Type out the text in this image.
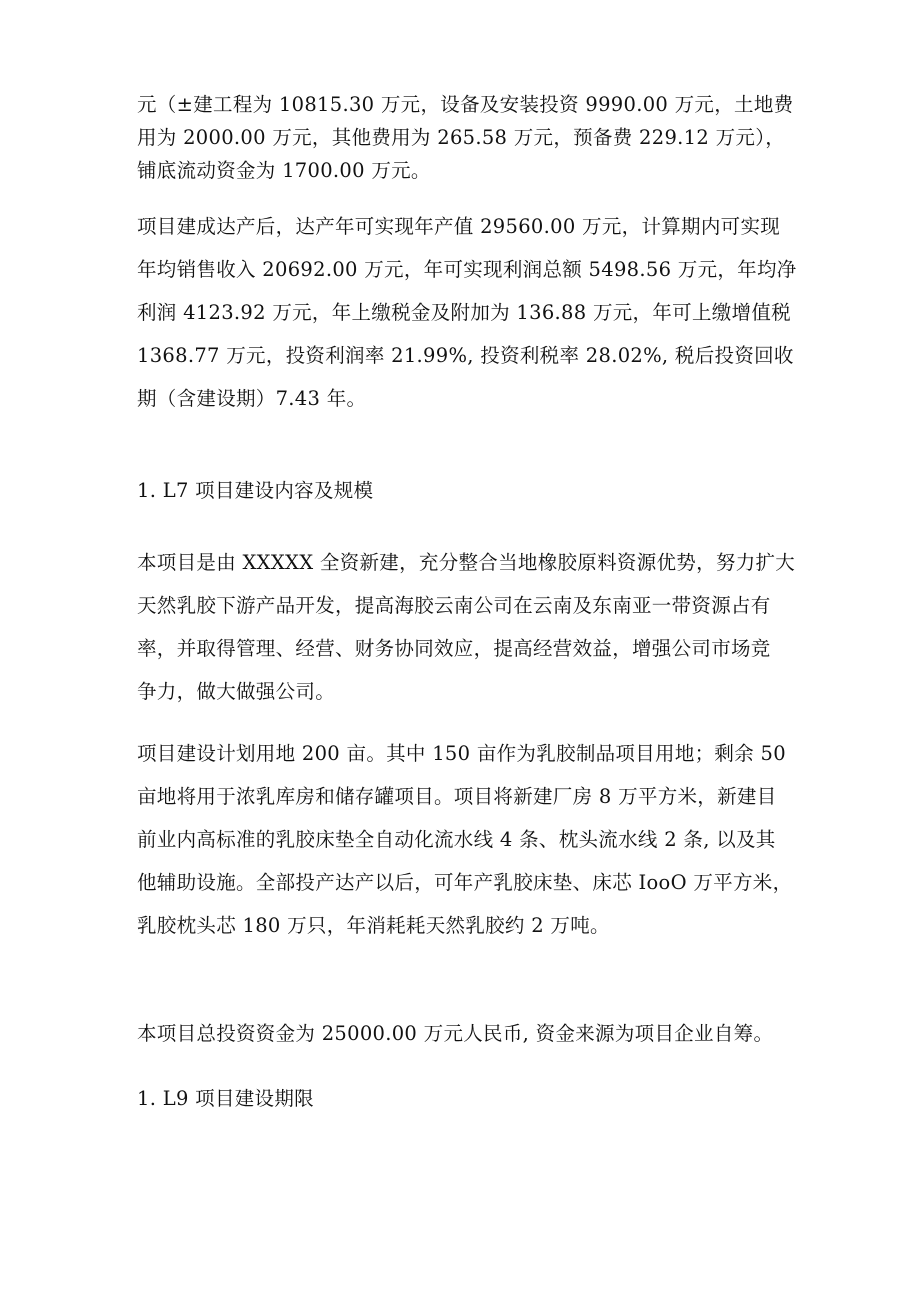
元（±建工程为 10815.30 万元，设备及安装投资 9990.00 万元，土地费
用为 2000.00 万元，其他费用为 265.58 万元，预备费 229.12 万元），
铺底流动资金为 1700.00 万元。
项目建成达产后，达产年可实现年产值 29560.00 万元，计算期内可实现
年均销售收入 20692.00 万元，年可实现利润总额 5498.56 万元，年均净
利润 4123.92 万元，年上缴税金及附加为 136.88 万元，年可上缴增值税
1368.77 万元，投资利润率 21.99%, 投资利税率 28.02%, 税后投资回收
期（含建设期）7.43 年。
1. L7 项目建设内容及规模
本项目是由 XXXXX 全资新建，充分整合当地橡胶原料资源优势，努力扩大
天然乳胶下游产品开发，提高海胶云南公司在云南及东南亚一带资源占有
率，并取得管理、经营、财务协同效应，提高经营效益，增强公司市场竞
争力，做大做强公司。
项目建设计划用地 200 亩。其中 150 亩作为乳胶制品项目用地；剩余 50
亩地将用于浓乳库房和储存罐项目。项目将新建厂房 8 万平方米，新建目
前业内高标准的乳胶床垫全自动化流水线 4 条、枕头流水线 2 条, 以及其
他辅助设施。全部投产达产以后，可年产乳胶床垫、床芯 IooO 万平方米，
乳胶枕头芯 180 万只，年消耗耗天然乳胶约 2 万吨。
本项目总投资资金为 25000.00 万元人民币, 资金来源为项目企业自筹。
1. L9 项目建设期限
